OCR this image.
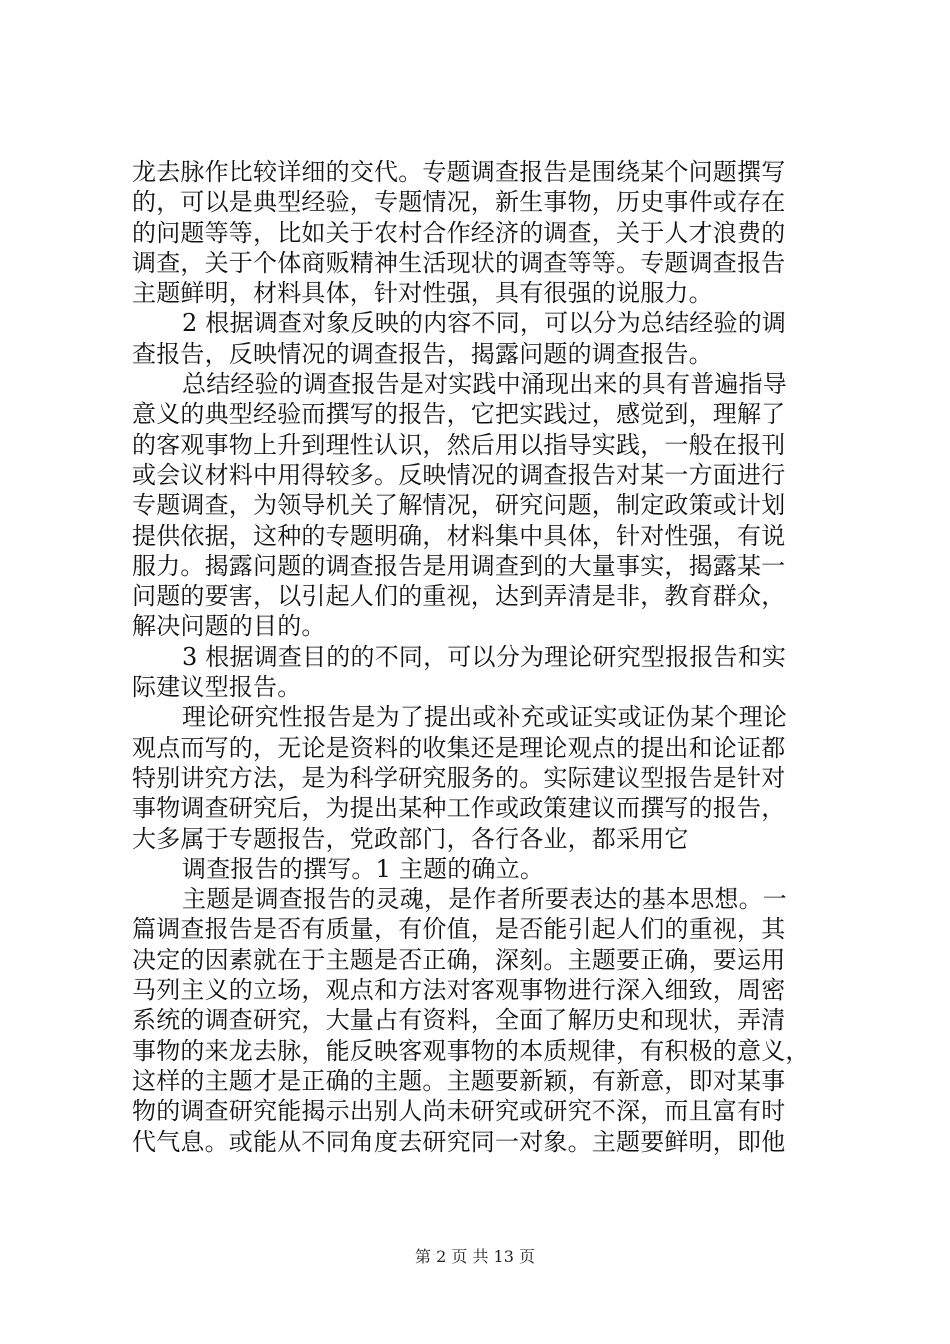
龙去脉作比较详细的交代。专题调查报告是围绕某个问题撰写
的，可以是典型经验，专题情况，新生事物，历史事件或存在
的问题等等，比如关于农村合作经济的调查，关于人才浪费的
调查，关于个体商贩精神生活现状的调查等等。专题调查报告
主题鲜明，材料具体，针对性强，具有很强的说服力。
2 根据调查对象反映的内容不同，可以分为总结经验的调
查报告，反映情况的调查报告，揭露问题的调查报告。
总结经验的调查报告是对实践中涌现出来的具有普遍指导
意义的典型经验而撰写的报告，它把实践过，感觉到，理解了
的客观事物上升到理性认识，然后用以指导实践，一般在报刊
或会议材料中用得较多。反映情况的调查报告对某一方面进行
专题调查，为领导机关了解情况，研究问题，制定政策或计划
提供依据，这种的专题明确，材料集中具体，针对性强，有说
服力。揭露问题的调查报告是用调查到的大量事实，揭露某一
问题的要害，以引起人们的重视，达到弄清是非，教育群众，
解决问题的目的。
3 根据调查目的的不同，可以分为理论研究型报报告和实
际建议型报告。
理论研究性报告是为了提出或补充或证实或证伪某个理论
观点而写的，无论是资料的收集还是理论观点的提出和论证都
特别讲究方法，是为科学研究服务的。实际建议型报告是针对
事物调查研究后，为提出某种工作或政策建议而撰写的报告，
大多属于专题报告，党政部门，各行各业，都采用它
调查报告的撰写。1 主题的确立。
主题是调查报告的灵魂，是作者所要表达的基本思想。一
篇调查报告是否有质量，有价值，是否能引起人们的重视，其
决定的因素就在于主题是否正确，深刻。主题要正确，要运用
马列主义的立场，观点和方法对客观事物进行深入细致，周密
系统的调查研究，大量占有资料，全面了解历史和现状，弄清
事物的来龙去脉，能反映客观事物的本质规律，有积极的意义，
这样的主题才是正确的主题。主题要新颖，有新意，即对某事
物的调查研究能揭示出别人尚未研究或研究不深，而且富有时
代气息。或能从不同角度去研究同一对象。主题要鲜明，即他
第 2 页 共 13 页
